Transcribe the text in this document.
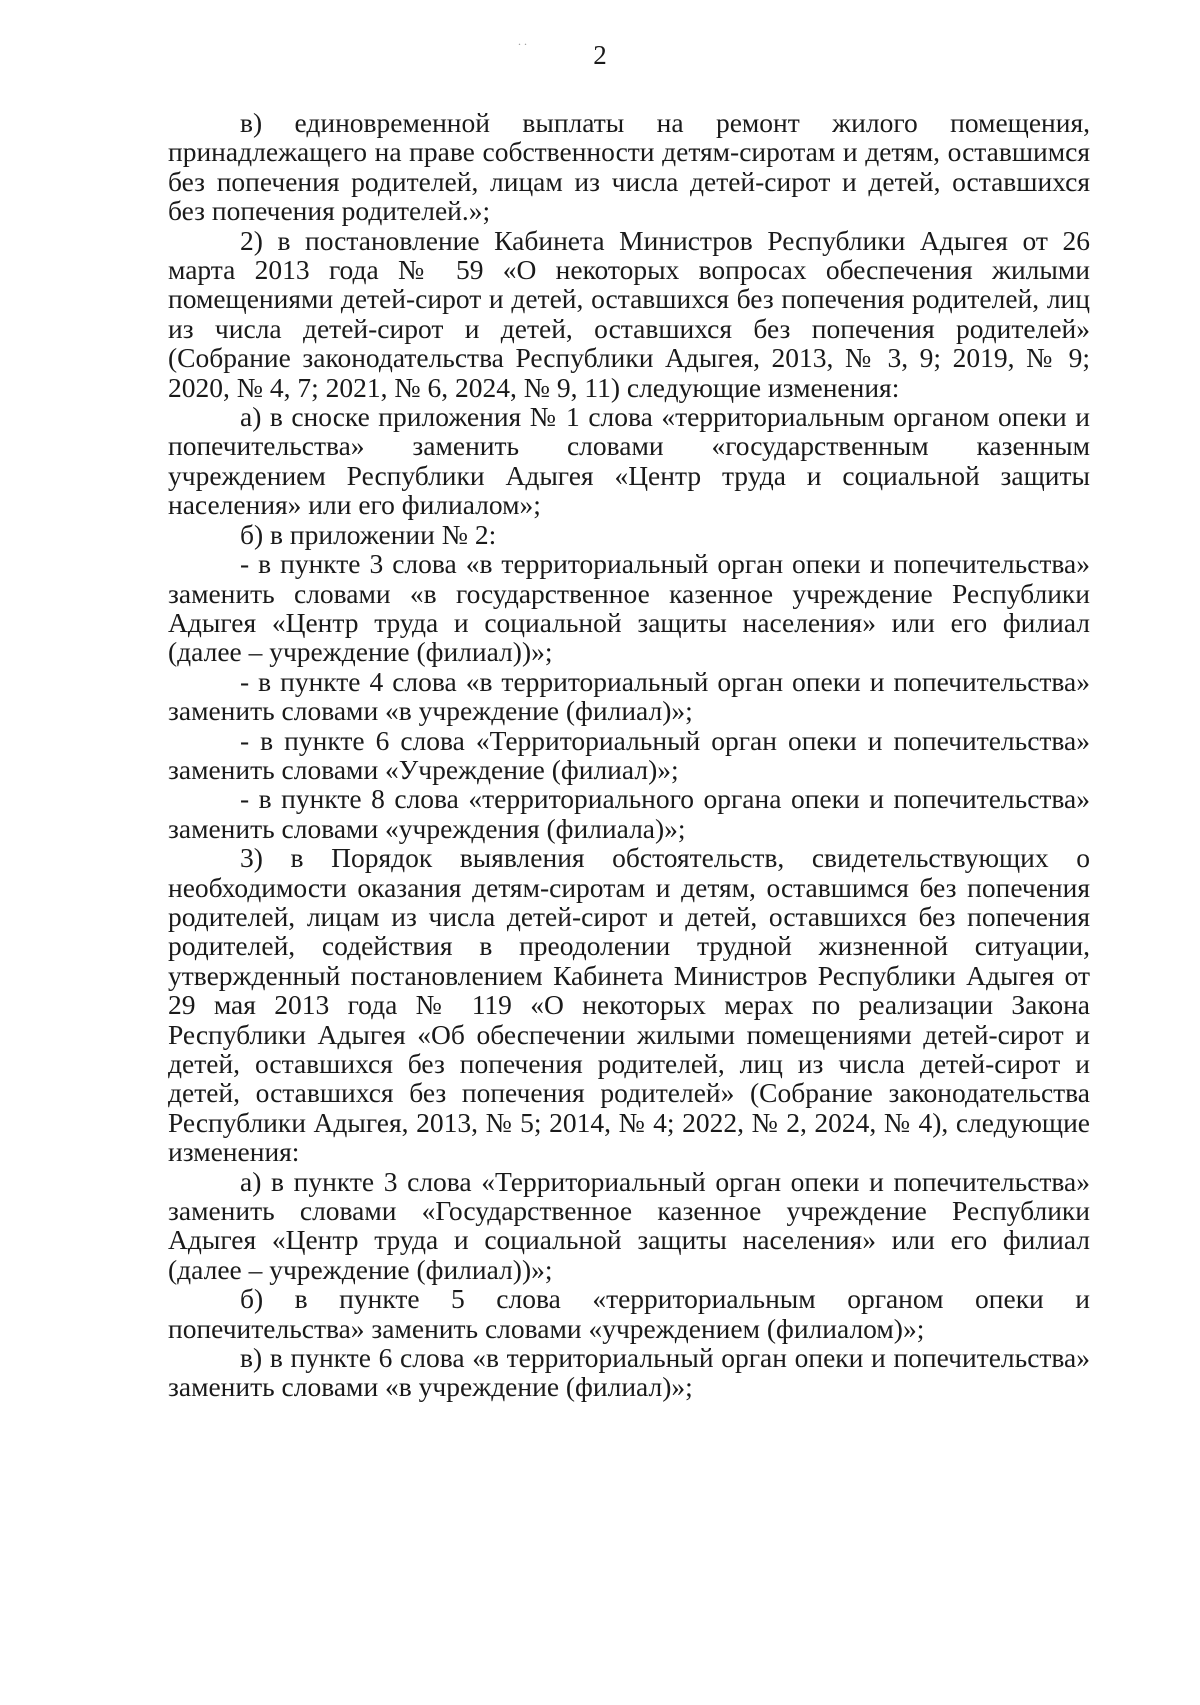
..	2

в) единовременной выплаты на ремонт жилого помещения, принадлежащего на праве собственности детям-сиротам и детям, оставшимся без попечения родителей, лицам из числа детей-сирот и детей, оставшихся без попечения родителей.»;

2) в постановление Кабинета Министров Республики Адыгея от 26 марта 2013 года № 59 «О некоторых вопросах обеспечения жилыми помещениями детей-сирот и детей, оставшихся без попечения родителей, лиц из числа детей-сирот и детей, оставшихся без попечения родителей» (Собрание законодательства Республики Адыгея, 2013, № 3, 9; 2019, № 9; 2020, № 4, 7; 2021, № 6, 2024, № 9, 11) следующие изменения:

а) в сноске приложения № 1 слова «территориальным органом опеки и попечительства» заменить словами «государственным казенным учреждением Республики Адыгея «Центр труда и социальной защиты населения» или его филиалом»;

б) в приложении № 2:

- в пункте 3 слова «в территориальный орган опеки и попечительства» заменить словами «в государственное казенное учреждение Республики Адыгея «Центр труда и социальной защиты населения» или его филиал (далее – учреждение (филиал))»;

- в пункте 4 слова «в территориальный орган опеки и попечительства» заменить словами «в учреждение (филиал)»;

- в пункте 6 слова «Территориальный орган опеки и попечительства» заменить словами «Учреждение (филиал)»;

- в пункте 8 слова «территориального органа опеки и попечительства» заменить словами «учреждения (филиала)»;

3) в Порядок выявления обстоятельств, свидетельствующих о необходимости оказания детям-сиротам и детям, оставшимся без попечения родителей, лицам из числа детей-сирот и детей, оставшихся без попечения родителей, содействия в преодолении трудной жизненной ситуации, утвержденный постановлением Кабинета Министров Республики Адыгея от 29 мая 2013 года № 119 «О некоторых мерах по реализации Закона Республики Адыгея «Об обеспечении жилыми помещениями детей-сирот и детей, оставшихся без попечения родителей, лиц из числа детей-сирот и детей, оставшихся без попечения родителей» (Собрание законодательства Республики Адыгея, 2013, № 5; 2014, № 4; 2022, № 2, 2024, № 4), следующие изменения:

а) в пункте 3 слова «Территориальный орган опеки и попечительства» заменить словами «Государственное казенное учреждение Республики Адыгея «Центр труда и социальной защиты населения» или его филиал (далее – учреждение (филиал))»;

б) в пункте 5 слова «территориальным органом опеки и попечительства» заменить словами «учреждением (филиалом)»;

в) в пункте 6 слова «в территориальный орган опеки и попечительства» заменить словами «в учреждение (филиал)»;
